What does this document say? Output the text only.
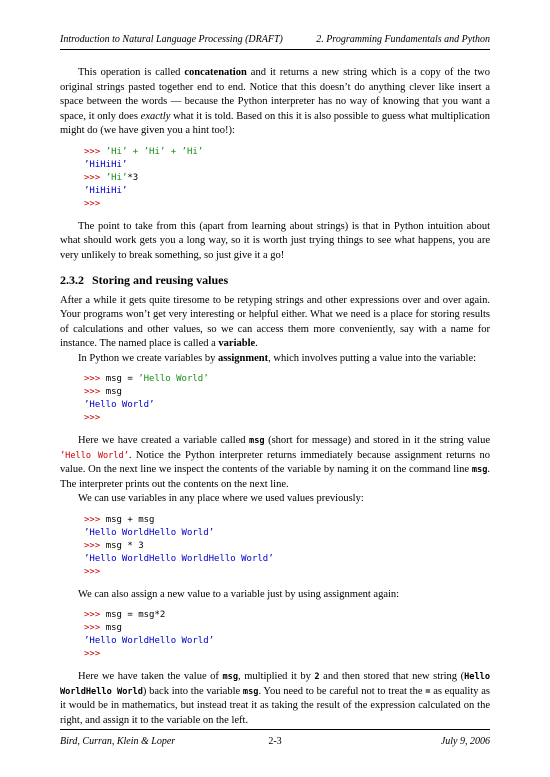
Introduction to Natural Language Processing (DRAFT)	2. Programming Fundamentals and Python

This operation is called concatenation and it returns a new string which is a copy of the two original strings pasted together end to end. Notice that this doesn’t do anything clever like insert a space between the words — because the Python interpreter has no way of knowing that you want a space, it only does exactly what it is told. Based on this it is also possible to guess what multiplication might do (we have given you a hint too!):

>>> ’Hi’ + ’Hi’ + ’Hi’
’HiHiHi’
>>> ’Hi’*3
’HiHiHi’
>>>

The point to take from this (apart from learning about strings) is that in Python intuition about what should work gets you a long way, so it is worth just trying things to see what happens, you are very unlikely to break something, so just give it a go!

2.3.2 Storing and reusing values

After a while it gets quite tiresome to be retyping strings and other expressions over and over again. Your programs won’t get very interesting or helpful either. What we need is a place for storing results of calculations and other values, so we can access them more conveniently, say with a name for instance. The named place is called a variable.

In Python we create variables by assignment, which involves putting a value into the variable:

>>> msg = ’Hello World’
>>> msg
’Hello World’
>>>

Here we have created a variable called msg (short for message) and stored in it the string value ’Hello World’. Notice the Python interpreter returns immediately because assignment returns no value. On the next line we inspect the contents of the variable by naming it on the command line msg. The interpreter prints out the contents on the next line.

We can use variables in any place where we used values previously:

>>> msg + msg
’Hello WorldHello World’
>>> msg * 3
’Hello WorldHello WorldHello World’
>>>

We can also assign a new value to a variable just by using assignment again:

>>> msg = msg*2
>>> msg
’Hello WorldHello World’
>>>

Here we have taken the value of msg, multiplied it by 2 and then stored that new string (Hello WorldHello World) back into the variable msg. You need to be careful not to treat the = as equality as it would be in mathematics, but instead treat it as taking the result of the expression calculated on the right, and assign it to the variable on the left.

Bird, Curran, Klein & Loper	2-3	July 9, 2006
